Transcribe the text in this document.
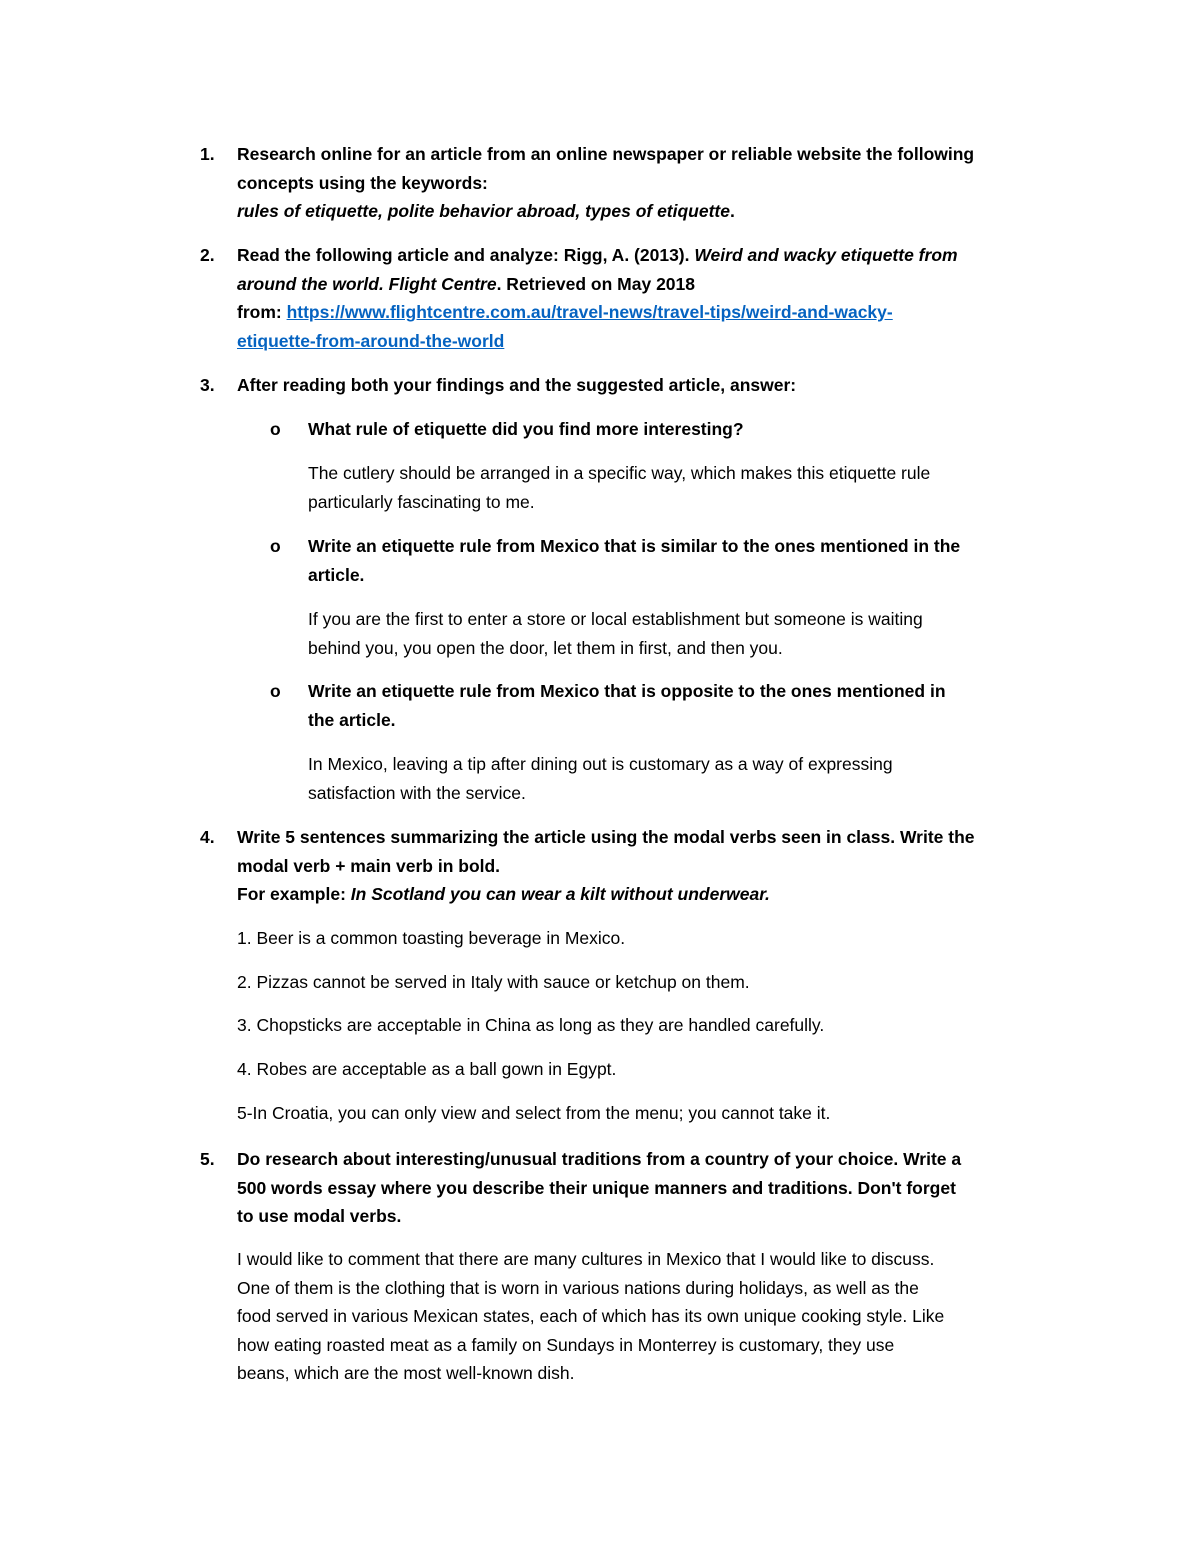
1.	Research online for an article from an online newspaper or reliable website the following
concepts using the keywords:
rules of etiquette, polite behavior abroad, types of etiquette.
2.	Read the following article and analyze: Rigg, A. (2013). Weird and wacky etiquette from
around the world. Flight Centre. Retrieved on May 2018
from: https://www.flightcentre.com.au/travel-news/travel-tips/weird-and-wacky-
etiquette-from-around-the-world
3.	After reading both your findings and the suggested article, answer:
o	What rule of etiquette did you find more interesting?
The cutlery should be arranged in a specific way, which makes this etiquette rule
particularly fascinating to me.
o	Write an etiquette rule from Mexico that is similar to the ones mentioned in the
article.
If you are the first to enter a store or local establishment but someone is waiting
behind you, you open the door, let them in first, and then you.
o	Write an etiquette rule from Mexico that is opposite to the ones mentioned in
the article.
In Mexico, leaving a tip after dining out is customary as a way of expressing
satisfaction with the service.
4.	Write 5 sentences summarizing the article using the modal verbs seen in class. Write the
modal verb + main verb in bold.
For example: In Scotland you can wear a kilt without underwear.
1. Beer is a common toasting beverage in Mexico.
2. Pizzas cannot be served in Italy with sauce or ketchup on them.
3. Chopsticks are acceptable in China as long as they are handled carefully.
4. Robes are acceptable as a ball gown in Egypt.
5-In Croatia, you can only view and select from the menu; you cannot take it.
5.	Do research about interesting/unusual traditions from a country of your choice. Write a
500 words essay where you describe their unique manners and traditions. Don't forget
to use modal verbs.
I would like to comment that there are many cultures in Mexico that I would like to discuss.
One of them is the clothing that is worn in various nations during holidays, as well as the
food served in various Mexican states, each of which has its own unique cooking style. Like
how eating roasted meat as a family on Sundays in Monterrey is customary, they use
beans, which are the most well-known dish.
